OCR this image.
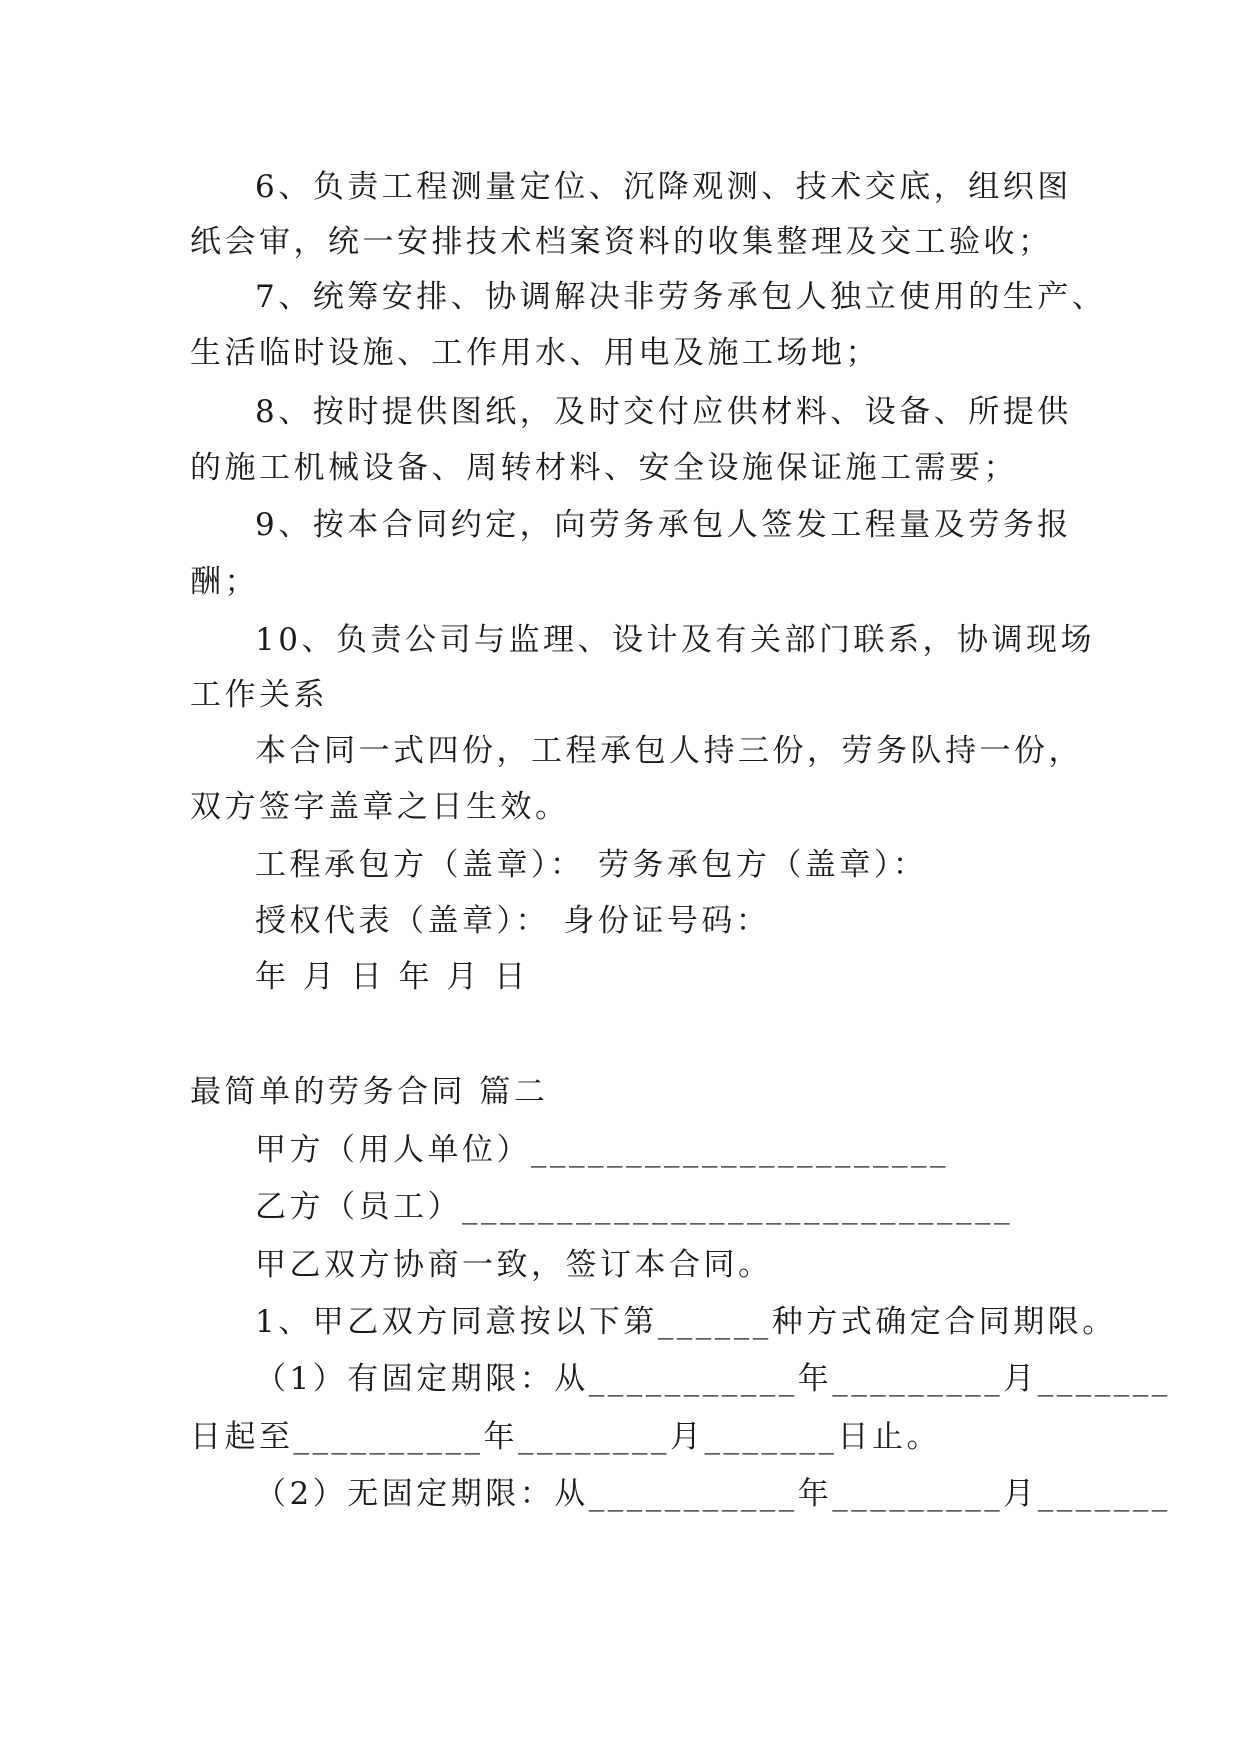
6、负责工程测量定位、沉降观测、技术交底，组织图
纸会审，统一安排技术档案资料的收集整理及交工验收；
7、统筹安排、协调解决非劳务承包人独立使用的生产、
生活临时设施、工作用水、用电及施工场地；
8、按时提供图纸，及时交付应供材料、设备、所提供
的施工机械设备、周转材料、安全设施保证施工需要；
9、按本合同约定，向劳务承包人签发工程量及劳务报
酬；
10、负责公司与监理、设计及有关部门联系，协调现场
工作关系
本合同一式四份，工程承包人持三份，劳务队持一份，
双方签字盖章之日生效。
工程承包方（盖章）： 劳务承包方（盖章）：
授权代表（盖章）： 身份证号码：
年 月 日 年 月 日
最简单的劳务合同 篇二
甲方（用人单位）______________________
乙方（员工）_____________________________
甲乙双方协商一致，签订本合同。
1、甲乙双方同意按以下第______种方式确定合同期限。
（1）有固定期限：从___________年_________月_______
日起至__________年________月_______日止。
（2）无固定期限：从___________年_________月_______
